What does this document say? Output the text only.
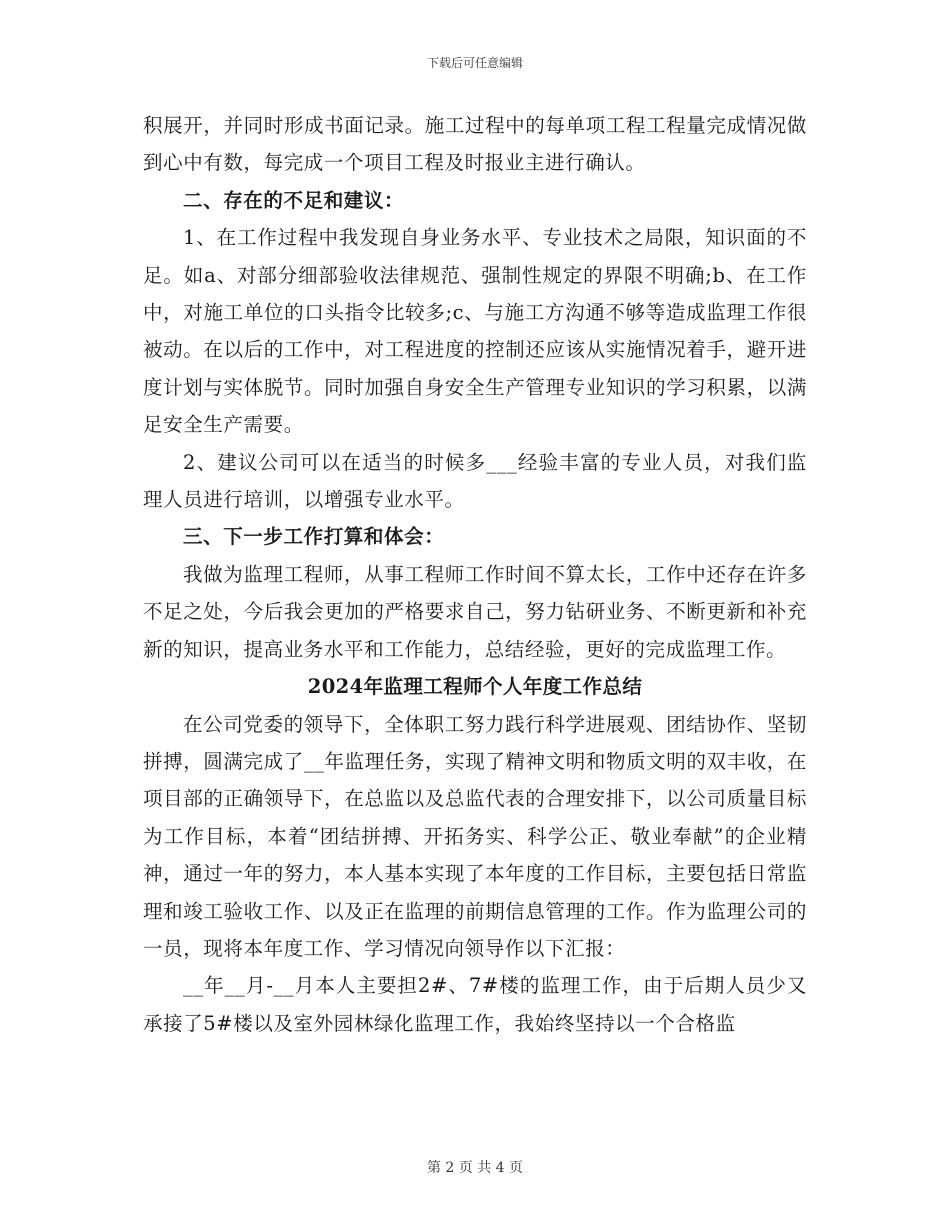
下载后可任意编辑

积展开，并同时形成书面记录。施工过程中的每单项工程工程量完成情况做到心中有数，每完成一个项目工程及时报业主进行确认。

二、存在的不足和建议：

1、在工作过程中我发现自身业务水平、专业技术之局限，知识面的不足。如a、对部分细部验收法律规范、强制性规定的界限不明确;b、在工作中，对施工单位的口头指令比较多;c、与施工方沟通不够等造成监理工作很被动。在以后的工作中，对工程进度的控制还应该从实施情况着手，避开进度计划与实体脱节。同时加强自身安全生产管理专业知识的学习积累，以满足安全生产需要。

2、建议公司可以在适当的时候多___经验丰富的专业人员，对我们监理人员进行培训，以增强专业水平。

三、下一步工作打算和体会：

我做为监理工程师，从事工程师工作时间不算太长，工作中还存在许多不足之处，今后我会更加的严格要求自己，努力钻研业务、不断更新和补充新的知识，提高业务水平和工作能力，总结经验，更好的完成监理工作。

2024年监理工程师个人年度工作总结

在公司党委的领导下，全体职工努力践行科学进展观、团结协作、坚韧拼搏，圆满完成了__年监理任务，实现了精神文明和物质文明的双丰收，在项目部的正确领导下，在总监以及总监代表的合理安排下，以公司质量目标为工作目标，本着“团结拼搏、开拓务实、科学公正、敬业奉献”的企业精神，通过一年的努力，本人基本实现了本年度的工作目标，主要包括日常监理和竣工验收工作、以及正在监理的前期信息管理的工作。作为监理公司的一员，现将本年度工作、学习情况向领导作以下汇报：

__年__月-__月本人主要担2#、7#楼的监理工作，由于后期人员少又承接了5#楼以及室外园林绿化监理工作，我始终坚持以一个合格监

第 2 页 共 4 页
